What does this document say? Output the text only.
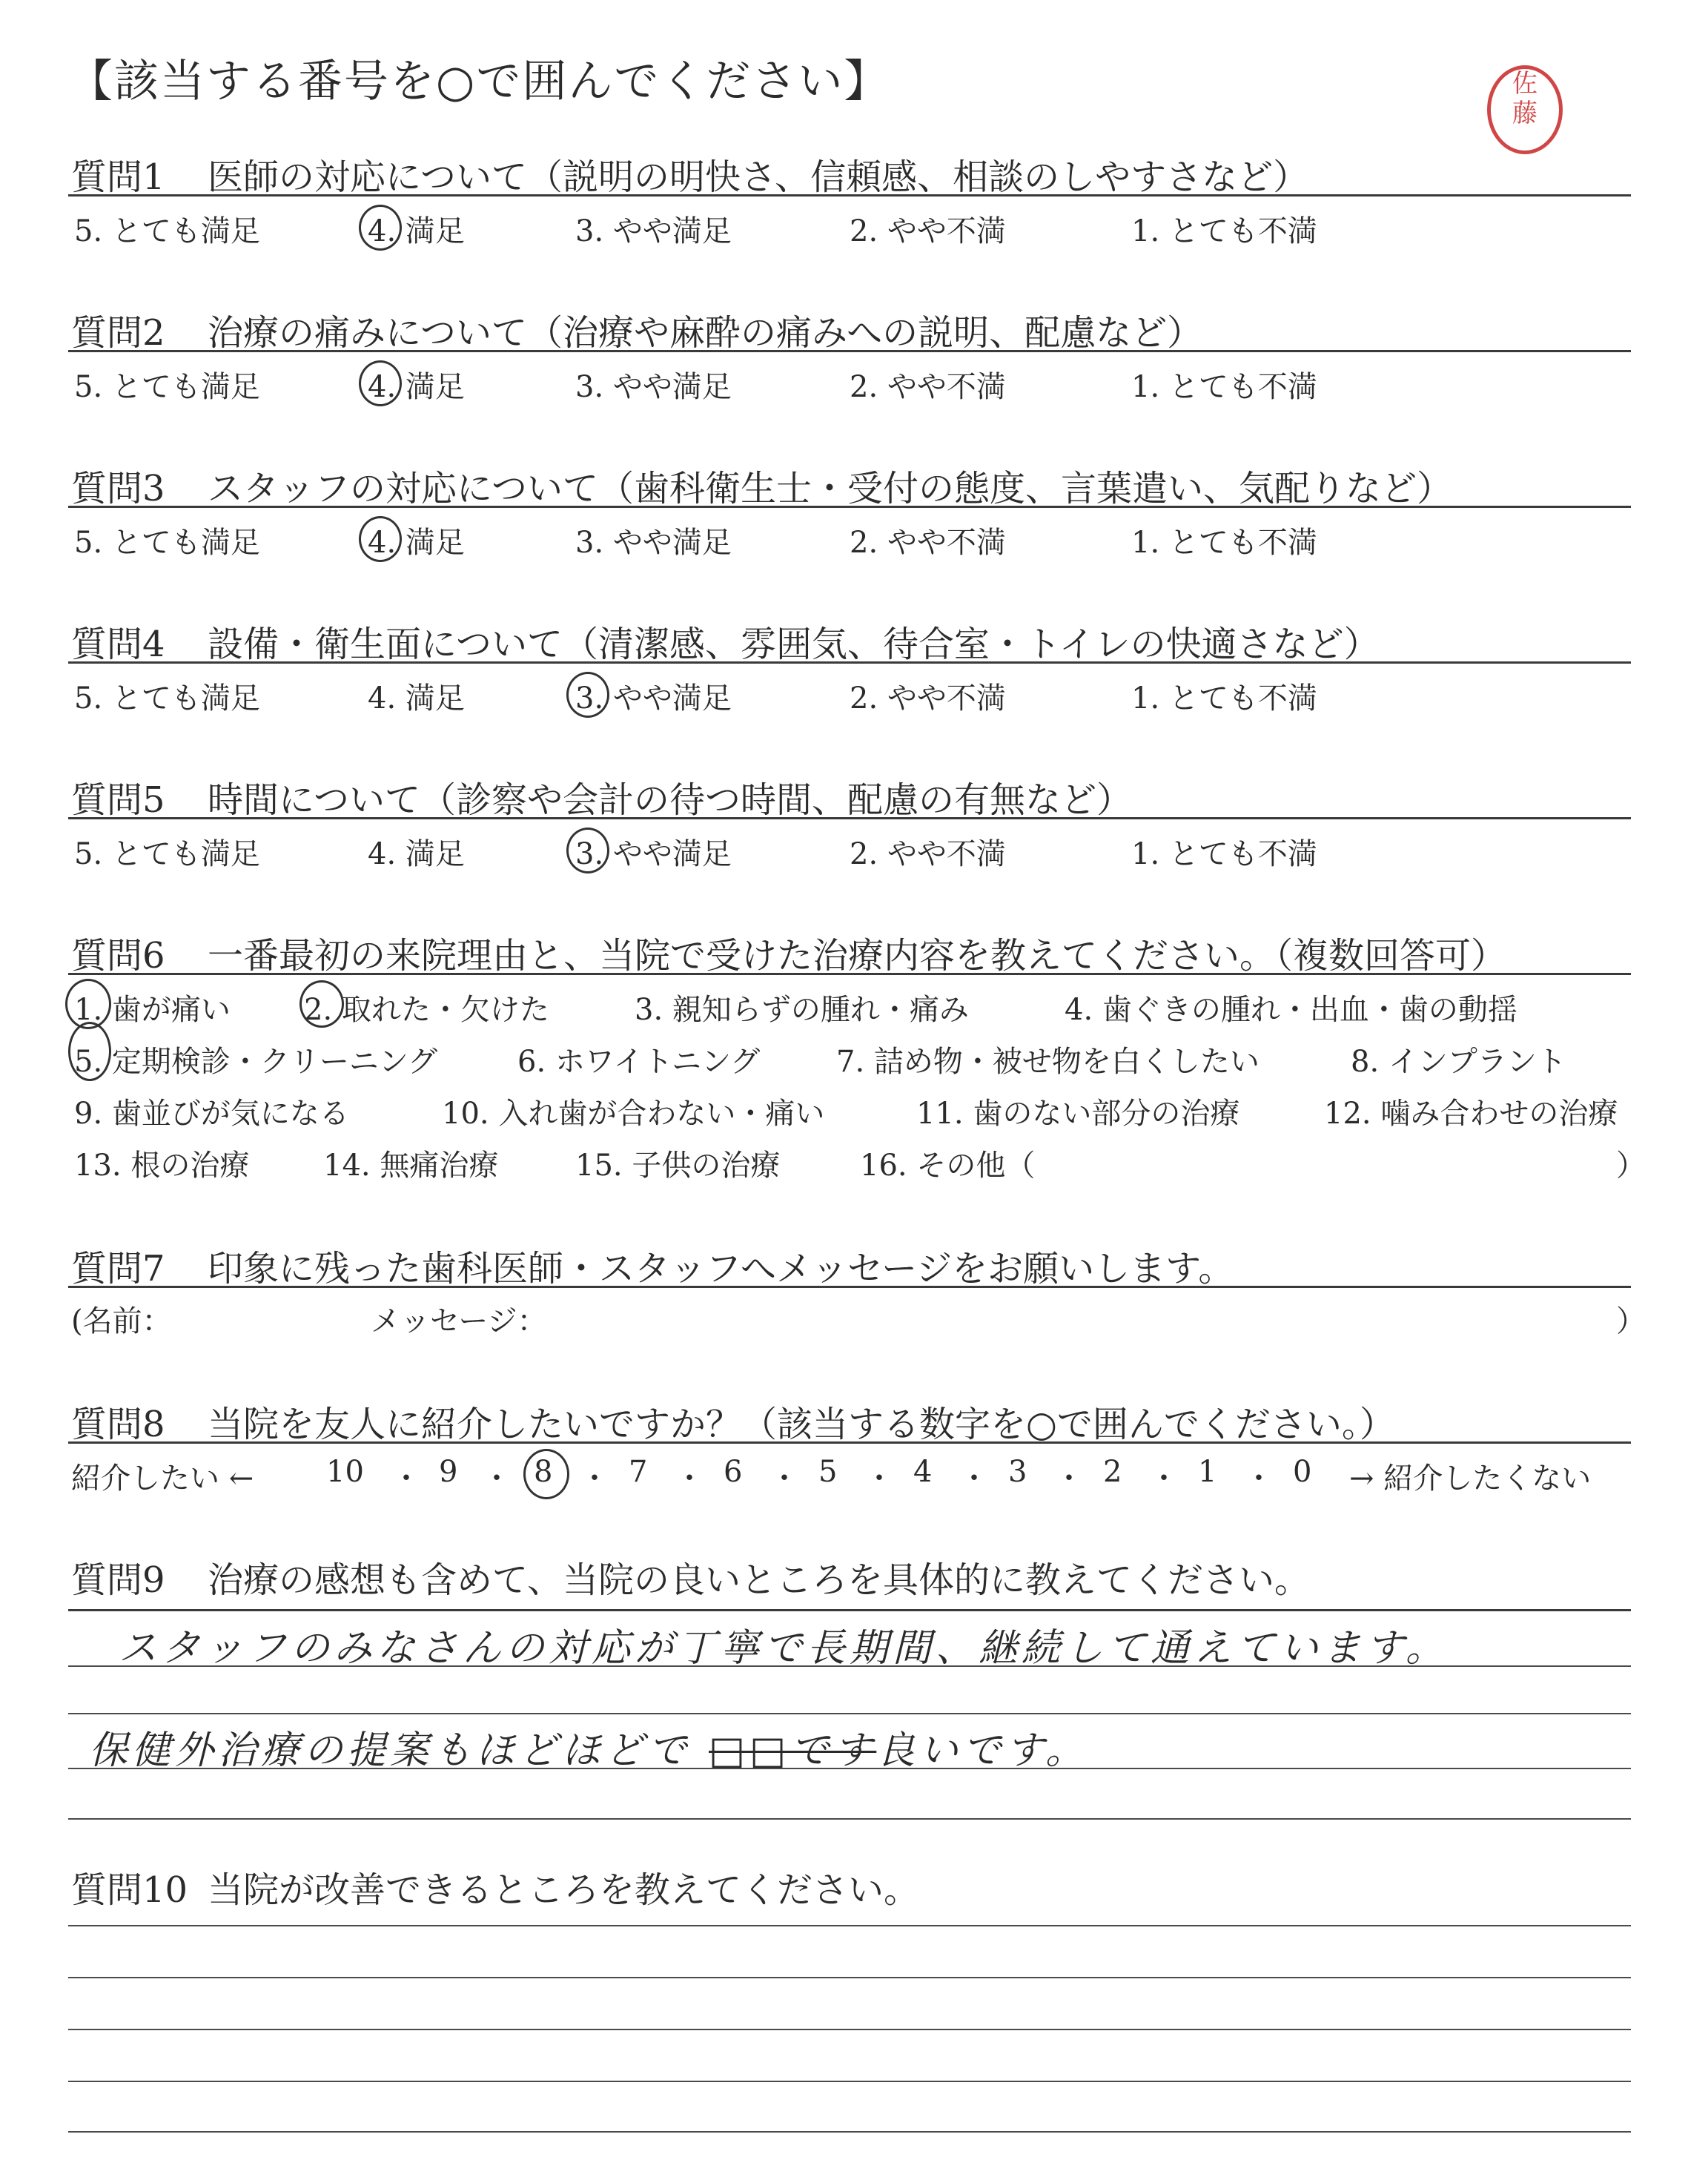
【該当する番号を○で囲んでください】	佐
藤
質問1 医師の対応について（説明の明快さ、信頼感、相談のしやすさなど）
5. とても満足	4. 満足	3. やや満足	2. やや不満	1. とても不満
質問2 治療の痛みについて（治療や麻酔の痛みへの説明、配慮など）
5. とても満足	4. 満足	3. やや満足	2. やや不満	1. とても不満
質問3 スタッフの対応について（歯科衛生士・受付の態度、言葉遣い、気配りなど）
5. とても満足	4. 満足	3. やや満足	2. やや不満	1. とても不満
質問4 設備・衛生面について（清潔感、雰囲気、待合室・トイレの快適さなど）
5. とても満足	4. 満足	3. やや満足	2. やや不満	1. とても不満
質問5 時間について（診察や会計の待つ時間、配慮の有無など）
5. とても満足	4. 満足	3. やや満足	2. やや不満	1. とても不満
質問6 一番最初の来院理由と、当院で受けた治療内容を教えてください。（複数回答可）
1. 歯が痛い 2. 取れた・欠けた	3. 親知らずの腫れ・痛み	4. 歯ぐきの腫れ・出血・歯の動揺
5. 定期検診・クリーニング	6. ホワイトニング	7. 詰め物・被せ物を白くしたい	8. インプラント
9. 歯並びが気になる	10. 入れ歯が合わない・痛い	11. 歯のない部分の治療	12. 噛み合わせの治療
13. 根の治療 14. 無痛治療	15. 子供の治療	16. その他（	）
質問7 印象に残った歯科医師・スタッフへメッセージをお願いします。
(名前：	メッセージ：	）
質問8 当院を友人に紹介したいですか？（該当する数字を○で囲んでください。）
紹介したい ← 10 ・ 9 ・ 8 ・ 7 ・ 6 ・ 5 ・ 4 ・ 3 ・ 2 ・ 1 ・ 0 → 紹介したくない
質問9 治療の感想も含めて、当院の良いところを具体的に教えてください。
スタッフのみなさんの対応が丁寧で長期間、継続して通えています。
保健外治療の提案もほどほどで □□です良いです。
質問10 当院が改善できるところを教えてください。
